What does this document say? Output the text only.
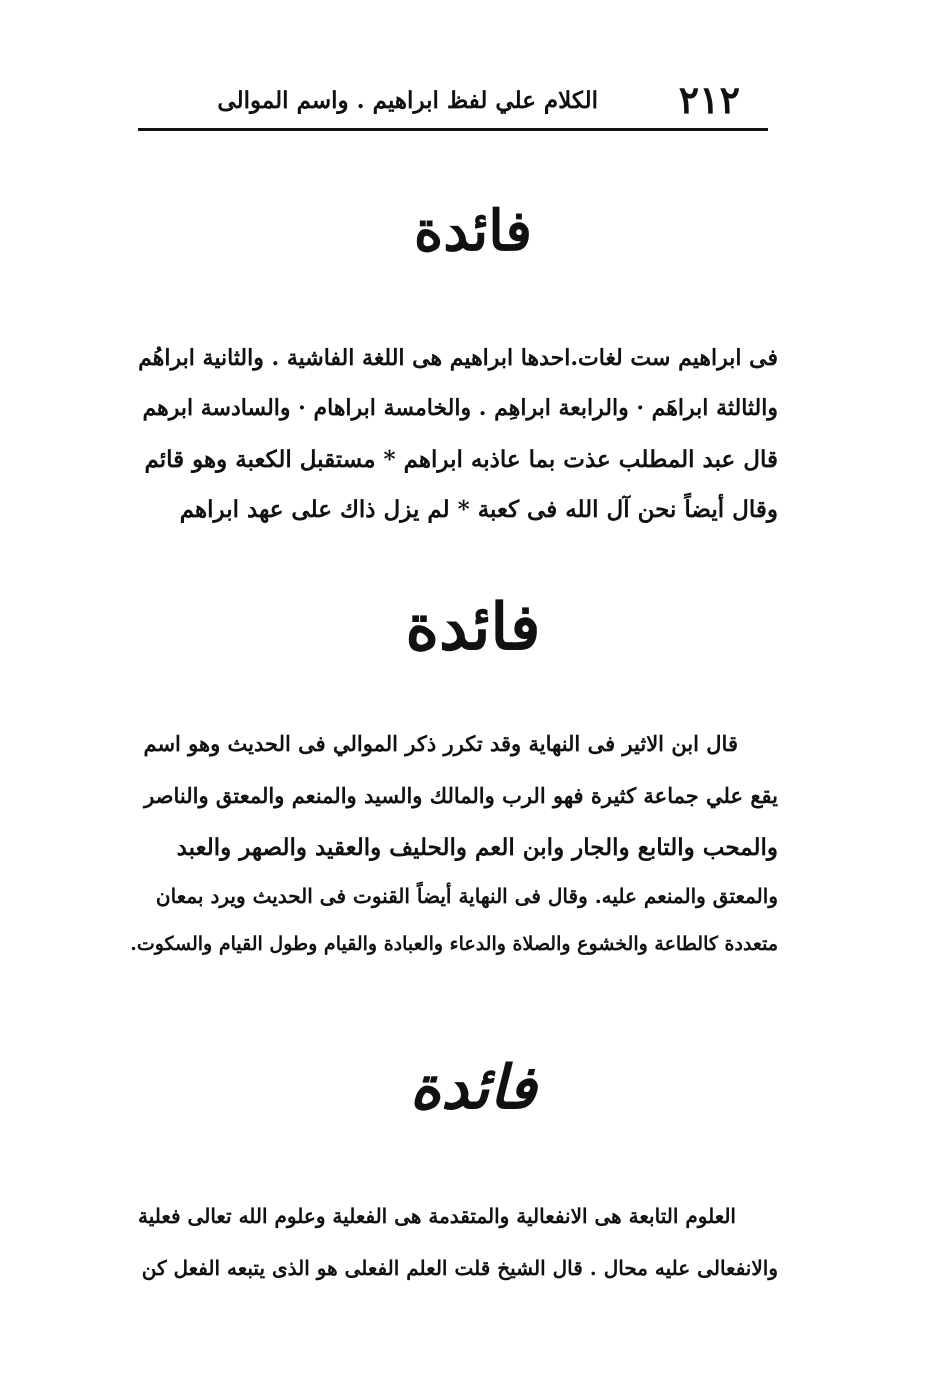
٢١٢
الكلام علي لفظ ابراهيم . واسم الموالى
فائدة
فى ابراهيم ست لغات.احدها ابراهيم هى اللغة الفاشية . والثانية ابراهُم
والثالثة ابراهَم · والرابعة ابراهِم . والخامسة ابراهام · والسادسة ابرهم
قال عبد المطلب عذت بما عاذبه ابراهم * مستقبل الكعبة وهو قائم
وقال أيضاً نحن آل الله فى كعبة * لم يزل ذاك على عهد ابراهم
فائدة
قال ابن الاثير فى النهاية وقد تكرر ذكر الموالي فى الحديث وهو اسم
يقع علي جماعة كثيرة فهو الرب والمالك والسيد والمنعم والمعتق والناصر
والمحب والتابع والجار وابن العم والحليف والعقيد والصهر والعبد
والمعتق والمنعم عليه. وقال فى النهاية أيضاً القنوت فى الحديث ويرد بمعان
متعددة كالطاعة والخشوع والصلاة والدعاء والعبادة والقيام وطول القيام والسكوت.
فائدة
العلوم التابعة هى الانفعالية والمتقدمة هى الفعلية وعلوم الله تعالى فعلية
والانفعالى عليه محال . قال الشيخ قلت العلم الفعلى هو الذى يتبعه الفعل كن
